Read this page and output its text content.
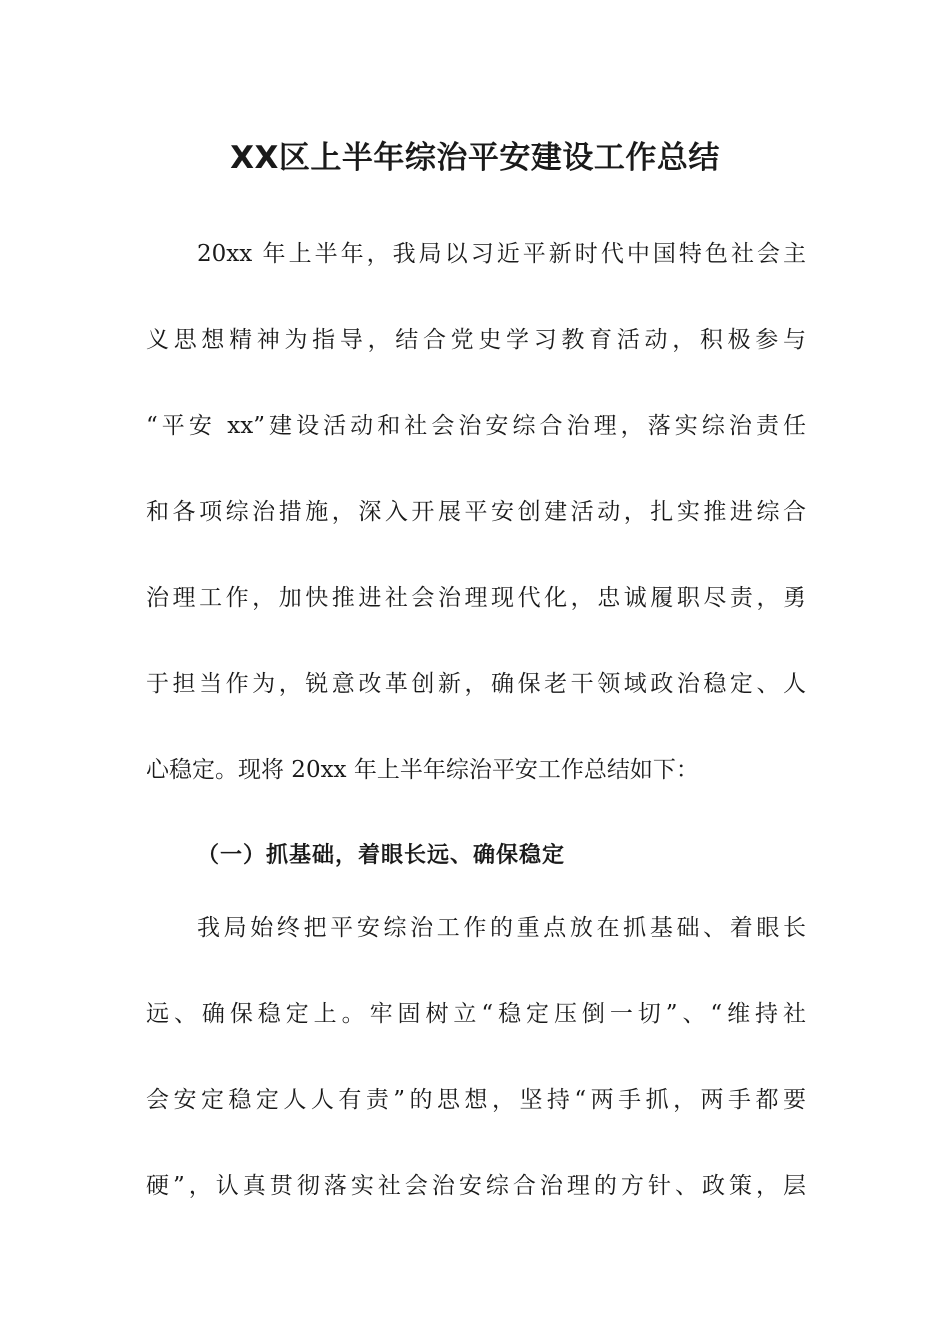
XX区上半年综治平安建设工作总结

20xx 年上半年，我局以习近平新时代中国特色社会主

义思想精神为指导，结合党史学习教育活动，积极参与

“平安 xx”建设活动和社会治安综合治理，落实综治责任

和各项综治措施，深入开展平安创建活动，扎实推进综合

治理工作，加快推进社会治理现代化，忠诚履职尽责，勇

于担当作为，锐意改革创新，确保老干领域政治稳定、人

心稳定。现将 20xx 年上半年综治平安工作总结如下：

（一）抓基础，着眼长远、确保稳定

我局始终把平安综治工作的重点放在抓基础、着眼长

远、确保稳定上。牢固树立“稳定压倒一切”、“维持社

会安定稳定人人有责”的思想，坚持“两手抓，两手都要

硬”，认真贯彻落实社会治安综合治理的方针、政策，层
